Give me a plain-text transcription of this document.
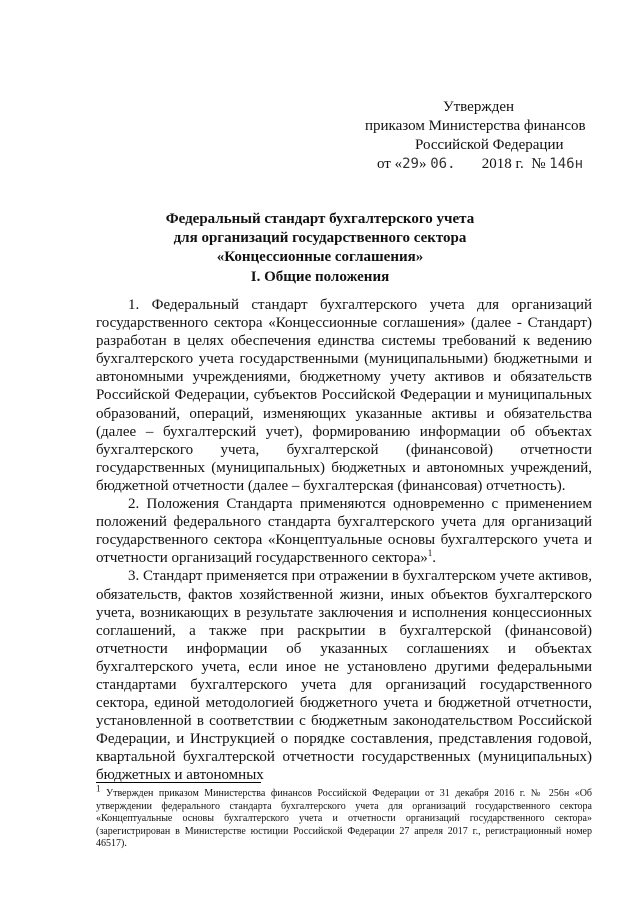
Утвержден
приказом Министерства финансов
Российской Федерации
от «29» 06. 2018 г. № 146н
Федеральный стандарт бухгалтерского учета
для организаций государственного сектора
«Концессионные соглашения»
I. Общие положения

1. Федеральный стандарт бухгалтерского учета для организаций государственного сектора «Концессионные соглашения» (далее - Стандарт) разработан в целях обеспечения единства системы требований к ведению бухгалтерского учета государственными (муниципальными) бюджетными и автономными учреждениями, бюджетному учету активов и обязательств Российской Федерации, субъектов Российской Федерации и муниципальных образований, операций, изменяющих указанные активы и обязательства (далее – бухгалтерский учет), формированию информации об объектах бухгалтерского учета, бухгалтерской (финансовой) отчетности государственных (муниципальных) бюджетных и автономных учреждений, бюджетной отчетности (далее – бухгалтерская (финансовая) отчетность).

2. Положения Стандарта применяются одновременно с применением положений федерального стандарта бухгалтерского учета для организаций государственного сектора «Концептуальные основы бухгалтерского учета и отчетности организаций государственного сектора»$^1$.

3. Стандарт применяется при отражении в бухгалтерском учете активов, обязательств, фактов хозяйственной жизни, иных объектов бухгалтерского учета, возникающих в результате заключения и исполнения концессионных соглашений, а также при раскрытии в бухгалтерской (финансовой) отчетности информации об указанных соглашениях и объектах бухгалтерского учета, если иное не установлено другими федеральными стандартами бухгалтерского учета для организаций государственного сектора, единой методологией бюджетного учета и бюджетной отчетности, установленной в соответствии с бюджетным законодательством Российской Федерации, и Инструкцией о порядке составления, представления годовой, квартальной бухгалтерской отчетности государственных (муниципальных) бюджетных и автономных

$^1$ Утвержден приказом Министерства финансов Российской Федерации от 31 декабря 2016 г. № 256н «Об утверждении федерального стандарта бухгалтерского учета для организаций государственного сектора «Концептуальные основы бухгалтерского учета и отчетности организаций государственного сектора» (зарегистрирован в Министерстве юстиции Российской Федерации 27 апреля 2017 г., регистрационный номер 46517).
